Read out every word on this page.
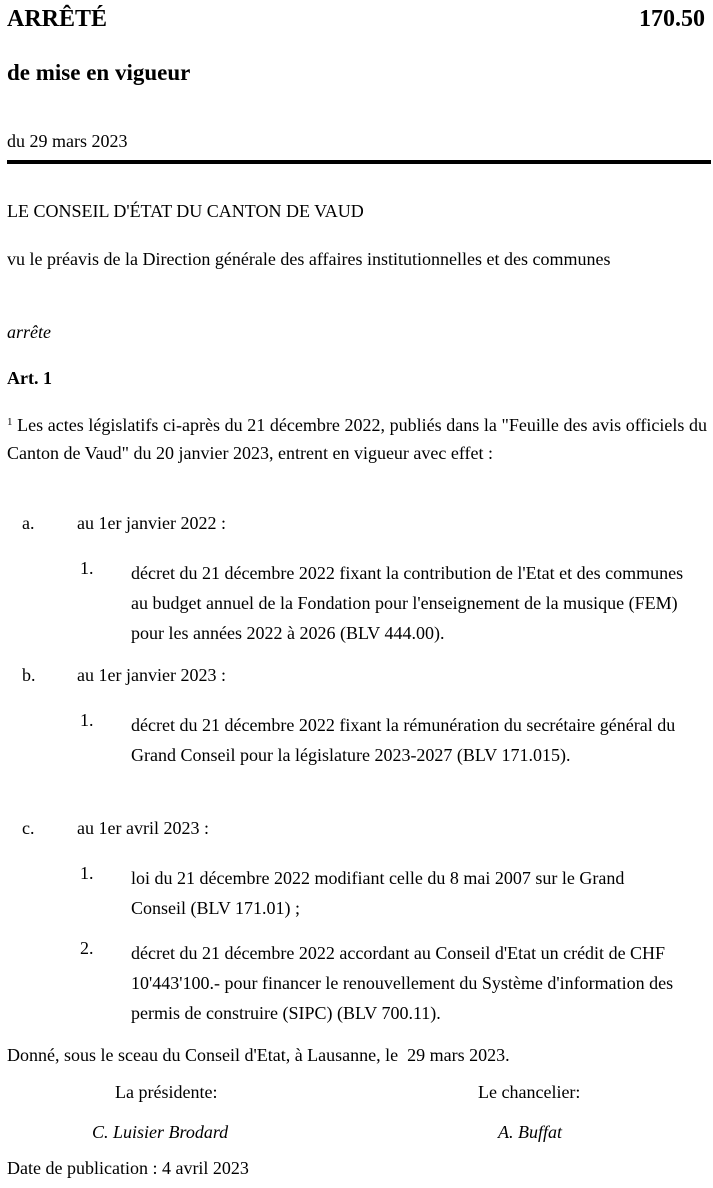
ARRÊTÉ	170.50
de mise en vigueur
du 29 mars 2023
LE CONSEIL D'ÉTAT DU CANTON DE VAUD
vu le préavis de la Direction générale des affaires institutionnelles et des communes
arrête
Art. 1
$^1$ Les actes législatifs ci-après du 21 décembre 2022, publiés dans la "Feuille des avis officiels du Canton de Vaud" du 20 janvier 2023, entrent en vigueur avec effet :
a. au 1er janvier 2022 :
1. décret du 21 décembre 2022 fixant la contribution de l'Etat et des communes au budget annuel de la Fondation pour l'enseignement de la musique (FEM) pour les années 2022 à 2026 (BLV 444.00).
b. au 1er janvier 2023 :
1. décret du 21 décembre 2022 fixant la rémunération du secrétaire général du Grand Conseil pour la législature 2023-2027 (BLV 171.015).
c. au 1er avril 2023 :
1. loi du 21 décembre 2022 modifiant celle du 8 mai 2007 sur le Grand Conseil (BLV 171.01) ;
2. décret du 21 décembre 2022 accordant au Conseil d'Etat un crédit de CHF 10'443'100.- pour financer le renouvellement du Système d'information des permis de construire (SIPC) (BLV 700.11).
Donné, sous le sceau du Conseil d'Etat, à Lausanne, le  29 mars 2023.
La présidente:	Le chancelier:
C. Luisier Brodard	A. Buffat
Date de publication : 4 avril 2023
